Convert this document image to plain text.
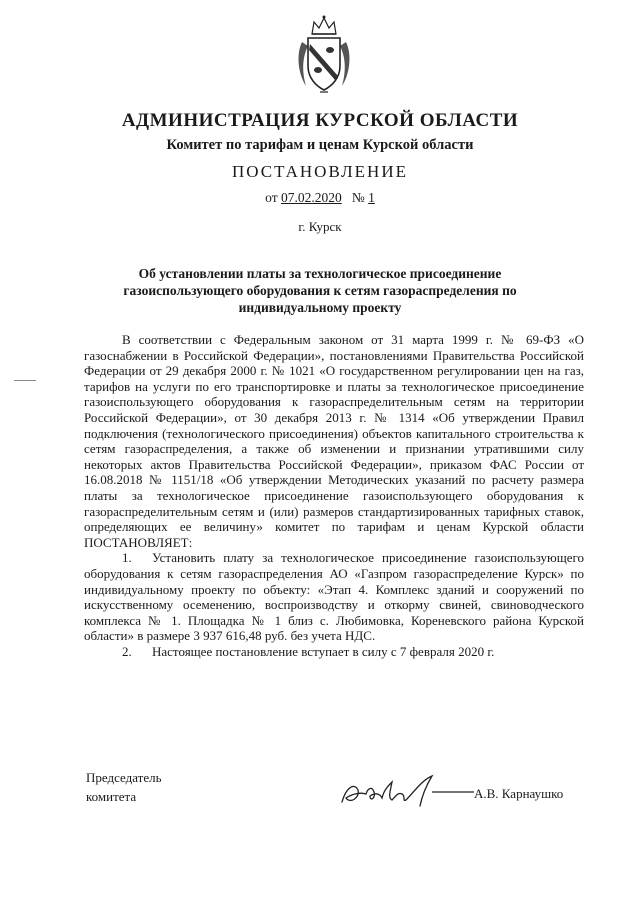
АДМИНИСТРАЦИЯ КУРСКОЙ ОБЛАСТИ
Комитет по тарифам и ценам Курской области
ПОСТАНОВЛЕНИЕ
от 07.02.2020 № 1
г. Курск
Об установлении платы за технологическое присоединение газоиспользующего оборудования к сетям газораспределения по индивидуальному проекту

В соответствии с Федеральным законом от 31 марта 1999 г. № 69-ФЗ «О газоснабжении в Российской Федерации», постановлениями Правительства Российской Федерации от 29 декабря 2000 г. № 1021 «О государственном регулировании цен на газ, тарифов на услуги по его транспортировке и платы за технологическое присоединение газоиспользующего оборудования к газораспределительным сетям на территории Российской Федерации», от 30 декабря 2013 г. № 1314 «Об утверждении Правил подключения (технологического присоединения) объектов капитального строительства к сетям газораспределения, а также об изменении и признании утратившими силу некоторых актов Правительства Российской Федерации», приказом ФАС России от 16.08.2018 № 1151/18 «Об утверждении Методических указаний по расчету размера платы за технологическое присоединение газоиспользующего оборудования к газораспределительным сетям и (или) размеров стандартизированных тарифных ставок, определяющих ее величину» комитет по тарифам и ценам Курской области ПОСТАНОВЛЯЕТ:

1. Установить плату за технологическое присоединение газоиспользующего оборудования к сетям газораспределения АО «Газпром газораспределение Курск» по индивидуальному проекту по объекту: «Этап 4. Комплекс зданий и сооружений по искусственному осеменению, воспроизводству и откорму свиней, свиноводческого комплекса № 1. Площадка № 1 близ с. Любимовка, Кореневского района Курской области» в размере 3 937 616,48 руб. без учета НДС.

2. Настоящее постановление вступает в силу с 7 февраля 2020 г.

Председатель
комитета	А.В. Карнаушко
